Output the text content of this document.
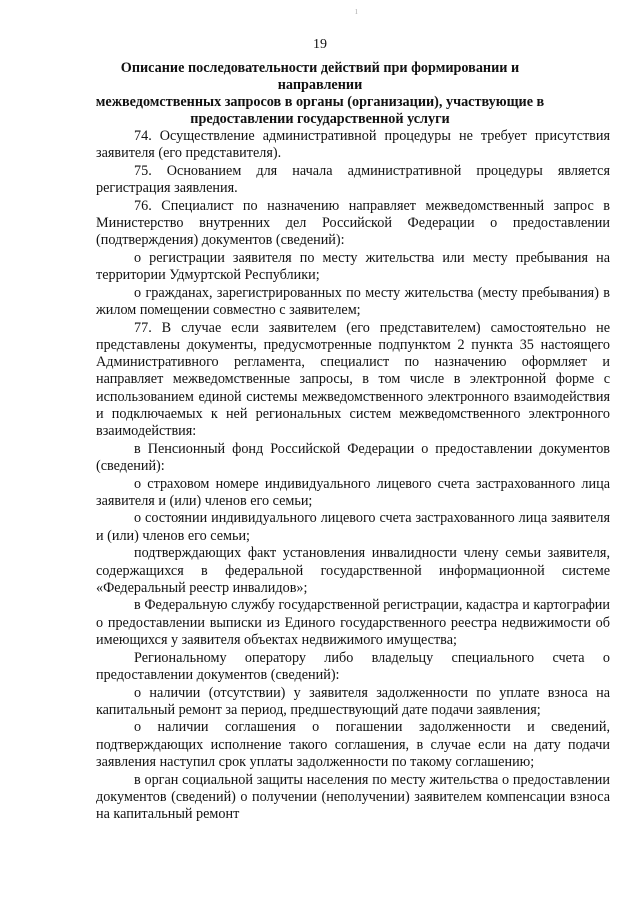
19
Описание последовательности действий при формировании и направлении
межведомственных запросов в органы (организации), участвующие в
предоставлении государственной услуги

74. Осуществление административной процедуры не требует присутствия заявителя (его представителя).

75. Основанием для начала административной процедуры является регистрация заявления.

76. Специалист по назначению направляет межведомственный запрос в Министерство внутренних дел Российской Федерации о предоставлении (подтверждения) документов (сведений):

о регистрации заявителя по месту жительства или месту пребывания на территории Удмуртской Республики;

о гражданах, зарегистрированных по месту жительства (месту пребывания) в жилом помещении совместно с заявителем;

77. В случае если заявителем (его представителем) самостоятельно не представлены документы, предусмотренные подпунктом 2 пункта 35 настоящего Административного регламента, специалист по назначению оформляет и направляет межведомственные запросы, в том числе в электронной форме с использованием единой системы межведомственного электронного взаимодействия и подключаемых к ней региональных систем межведомственного электронного взаимодействия:

в Пенсионный фонд Российской Федерации о предоставлении документов (сведений):

о страховом номере индивидуального лицевого счета застрахованного лица заявителя и (или) членов его семьи;

о состоянии индивидуального лицевого счета застрахованного лица заявителя и (или) членов его семьи;

подтверждающих факт установления инвалидности члену семьи заявителя, содержащихся в федеральной государственной информационной системе «Федеральный реестр инвалидов»;

в Федеральную службу государственной регистрации, кадастра и картографии о предоставлении выписки из Единого государственного реестра недвижимости об имеющихся у заявителя объектах недвижимого имущества;

Региональному оператору либо владельцу специального счета о предоставлении документов (сведений):

о наличии (отсутствии) у заявителя задолженности по уплате взноса на капитальный ремонт за период, предшествующий дате подачи заявления;

о наличии соглашения о погашении задолженности и сведений, подтверждающих исполнение такого соглашения, в случае если на дату подачи заявления наступил срок уплаты задолженности по такому соглашению;

в орган социальной защиты населения по месту жительства о предоставлении документов (сведений) о получении (неполучении) заявителем компенсации взноса на капитальный ремонт

ı
